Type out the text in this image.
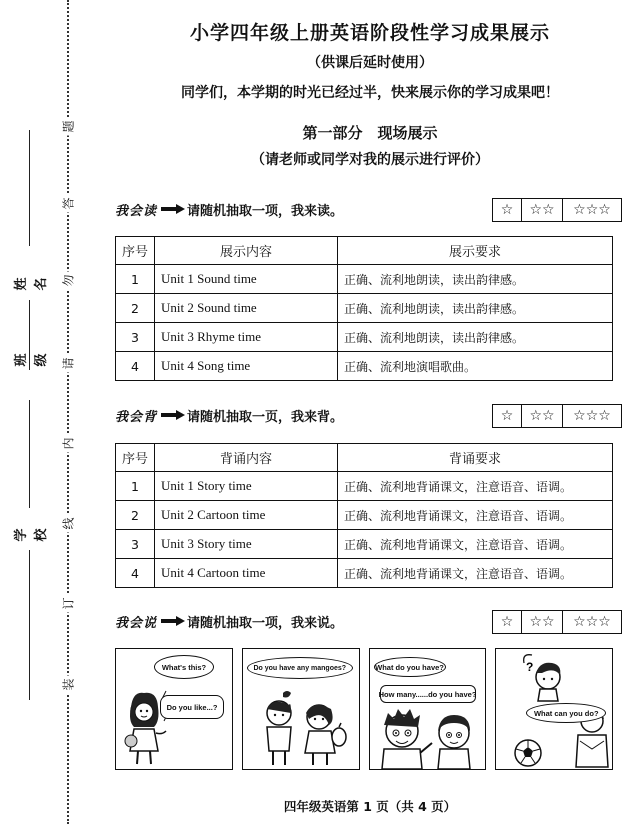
题
答
勿
请
内
线
订
装
姓名
班级
学校
小学四年级上册英语阶段性学习成果展示
（供课后延时使用）
同学们，本学期的时光已经过半，快来展示你的学习成果吧！
第一部分　现场展示
（请老师或同学对我的展示进行评价）
我会读 请随机抽取一项，我来读。	☆	☆☆	☆☆☆
序号	展示内容	展示要求
1	Unit 1 Sound time	正确、流利地朗读，读出韵律感。
2	Unit 2 Sound time	正确、流利地朗读，读出韵律感。
3	Unit 3 Rhyme time	正确、流利地朗读，读出韵律感。
4	Unit 4 Song time	正确、流利地演唱歌曲。
我会背 请随机抽取一页，我来背。	☆	☆☆	☆☆☆
序号	背诵内容	背诵要求
1	Unit 1 Story time	正确、流利地背诵课文，注意语音、语调。
2	Unit 2 Cartoon time	正确、流利地背诵课文，注意语音、语调。
3	Unit 3 Story time	正确、流利地背诵课文，注意语音、语调。
4	Unit 4 Cartoon time	正确、流利地背诵课文，注意语音、语调。
我会说 请随机抽取一项，我来说。	☆	☆☆	☆☆☆
What's this?
Do you like...?
Do you have any mangoes?	What do you have?
How many......do you have?
?
What can you do?
四年级英语第 1 页（共 4 页）
